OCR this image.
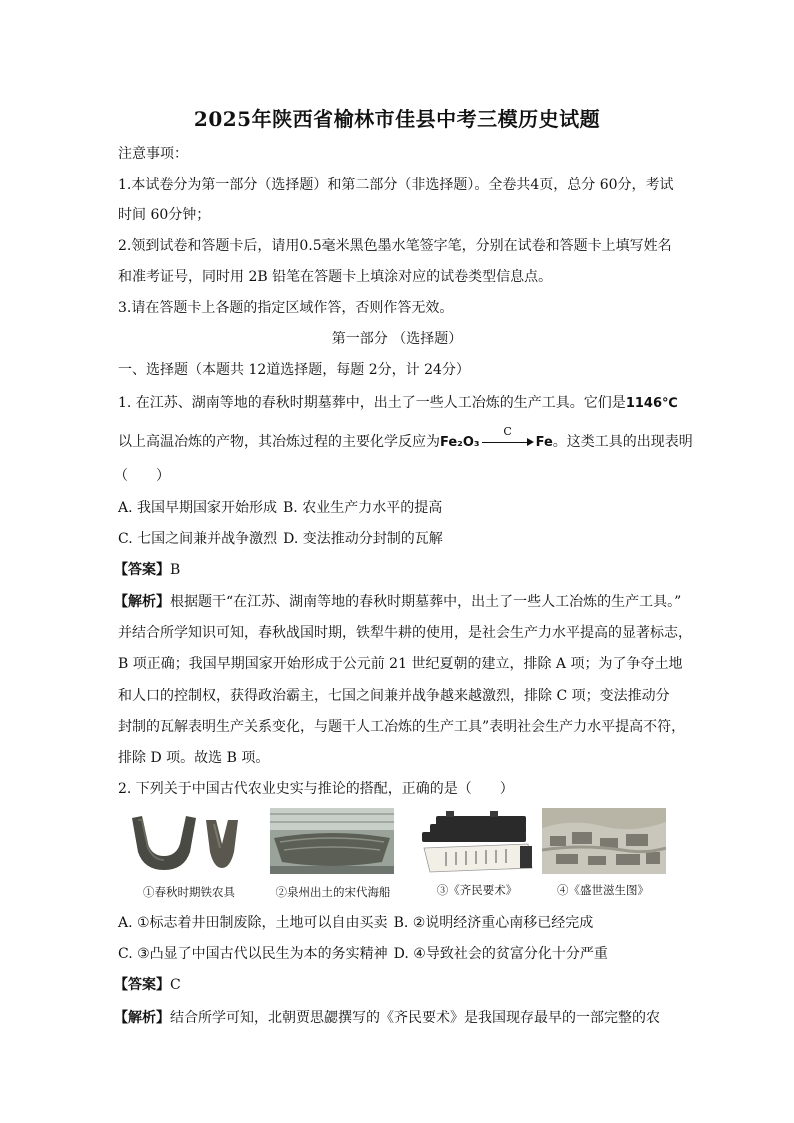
2025年陕西省榆林市佳县中考三模历史试题
注意事项：
1.本试卷分为第一部分（选择题）和第二部分（非选择题）。全卷共4页，总分 60分，考试
时间 60分钟；
2.领到试卷和答题卡后，请用0.5毫米黑色墨水笔签字笔，分别在试卷和答题卡上填写姓名
和准考证号，同时用 2B 铅笔在答题卡上填涂对应的试卷类型信息点。
3.请在答题卡上各题的指定区域作答，否则作答无效。
第一部分 （选择题）
一、选择题（本题共 12道选择题，每题 2分，计 24分）
1. 在江苏、湖南等地的春秋时期墓葬中，出土了一些人工冶炼的生产工具。它们是1146℃
以上高温冶炼的产物，其冶炼过程的主要化学反应为Fe₂O₃
C
Fe。这类工具的出现表明
（　　）
A. 我国早期国家开始形成 B. 农业生产力水平的提高
C. 七国之间兼并战争激烈 D. 变法推动分封制的瓦解
【答案】B
【解析】根据题干“在江苏、湖南等地的春秋时期墓葬中，出土了一些人工冶炼的生产工具。”
并结合所学知识可知，春秋战国时期，铁犁牛耕的使用，是社会生产力水平提高的显著标志，
B 项正确；我国早期国家开始形成于公元前 21 世纪夏朝的建立，排除 A 项；为了争夺土地
和人口的控制权，获得政治霸主，七国之间兼并战争越来越激烈，排除 C 项；变法推动分
封制的瓦解表明生产关系变化，与题干人工冶炼的生产工具”表明社会生产力水平提高不符，
排除 D 项。故选 B 项。
2. 下列关于中国古代农业史实与推论的搭配，正确的是（　　）
①春秋时期铁农具	②泉州出土的宋代海船	③《齐民要术》	④《盛世滋生图》
A. ①标志着井田制废除，土地可以自由买卖 B. ②说明经济重心南移已经完成
C. ③凸显了中国古代以民生为本的务实精神 D. ④导致社会的贫富分化十分严重
【答案】C
【解析】结合所学可知，北朝贾思勰撰写的《齐民要术》是我国现存最早的一部完整的农
